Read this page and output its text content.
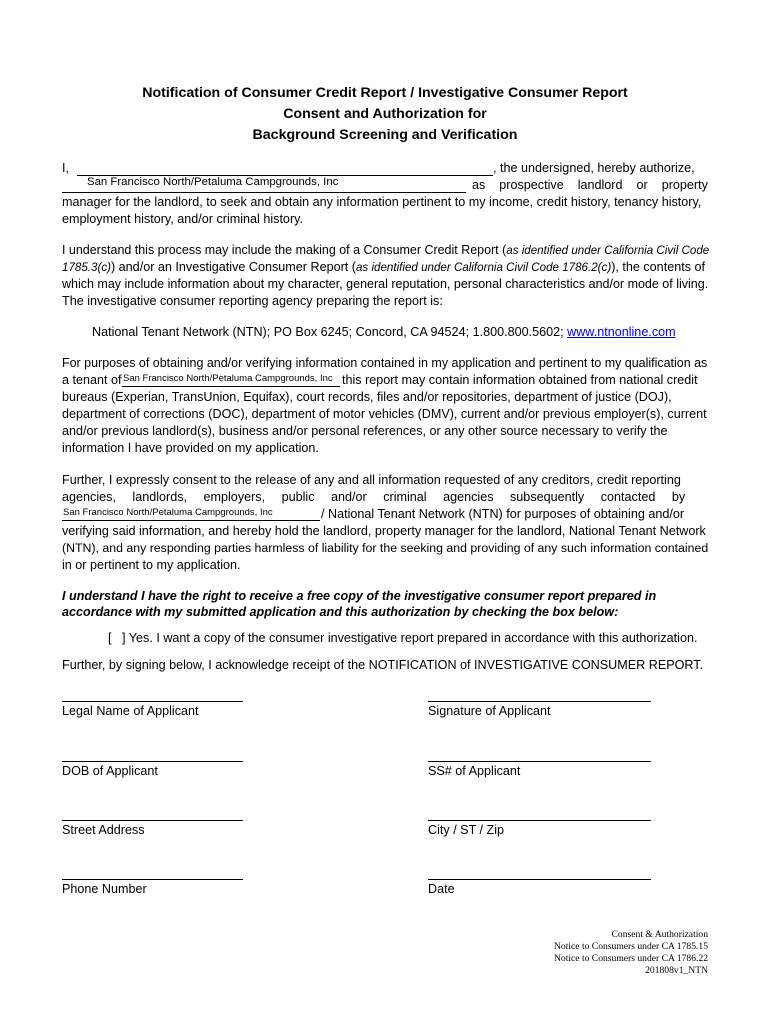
Notification of Consumer Credit Report / Investigative Consumer Report
Consent and Authorization for
Background Screening and Verification
I,	, the undersigned, hereby authorize,
San Francisco North/Petaluma Campgrounds, Inc	as    prospective    landlord    or    property
manager for the landlord, to seek and obtain any information pertinent to my income, credit history, tenancy history,
employment history, and/or criminal history.
I understand this process may include the making of a Consumer Credit Report (as identified under California Civil Code
1785.3(c)) and/or an Investigative Consumer Report (as identified under California Civil Code 1786.2(c)), the contents of
which may include information about my character, general reputation, personal characteristics and/or mode of living.
The investigative consumer reporting agency preparing the report is:
National Tenant Network (NTN); PO Box 6245; Concord, CA 94524; 1.800.800.5602; www.ntnonline.com
For purposes of obtaining and/or verifying information contained in my application and pertinent to my qualification as
a tenant of San Francisco North/Petaluma Campgrounds, Inc this report may contain information obtained from national credit
bureaus (Experian, TransUnion, Equifax), court records, files and/or repositories, department of justice (DOJ),
department of corrections (DOC), department of motor vehicles (DMV), current and/or previous employer(s), current
and/or previous landlord(s), business and/or personal references, or any other source necessary to verify the
information I have provided on my application.
Further, I expressly consent to the release of any and all information requested of any creditors, credit reporting
agencies, landlords, employers, public and/or criminal agencies subsequently contacted by
San Francisco North/Petaluma Campgrounds, Inc	/ National Tenant Network (NTN) for purposes of obtaining and/or
verifying said information, and hereby hold the landlord, property manager for the landlord, National Tenant Network
(NTN), and any responding parties harmless of liability for the seeking and providing of any such information contained
in or pertinent to my application.
I understand I have the right to receive a free copy of the investigative consumer report prepared in
accordance with my submitted application and this authorization by checking the box below:
[   ] Yes. I want a copy of the consumer investigative report prepared in accordance with this authorization.
Further, by signing below, I acknowledge receipt of the NOTIFICATION of INVESTIGATIVE CONSUMER REPORT.
Legal Name of Applicant	Signature of Applicant
DOB of Applicant	SS# of Applicant
Street Address	City / ST / Zip
Phone Number	Date
Consent & Authorization
Notice to Consumers under CA 1785.15
Notice to Consumers under CA 1786.22
201808v1_NTN
